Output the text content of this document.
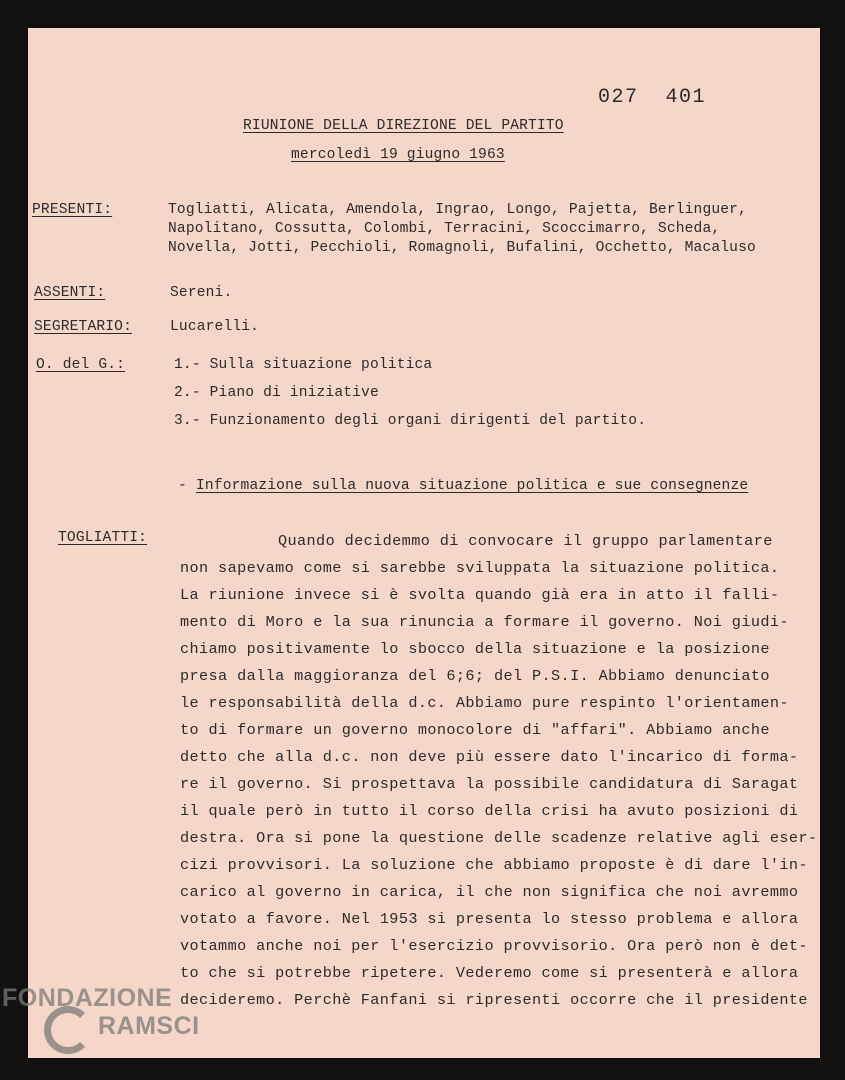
027  401
RIUNIONE DELLA DIREZIONE DEL PARTITO
mercoledì 19 giugno 1963
PRESENTI:	Togliatti, Alicata, Amendola, Ingrao, Longo, Pajetta, Berlinguer,
Napolitano, Cossutta, Colombi, Terracini, Scoccimarro, Scheda,
Novella, Jotti, Pecchioli, Romagnoli, Bufalini, Occhetto, Macaluso
ASSENTI:	Sereni.
SEGRETARIO:	Lucarelli.
O. del G.:	1.- Sulla situazione politica
2.- Piano di iniziative
3.- Funzionamento degli organi dirigenti del partito.
- Informazione sulla nuova situazione politica e sue consegnenze
TOGLIATTI:	Quando decidemmo di convocare il gruppo parlamentare
non sapevamo come si sarebbe sviluppata la situazione politica.
La riunione invece si è svolta quando già era in atto il falli-
mento di Moro e la sua rinuncia a formare il governo. Noi giudi-
chiamo positivamente lo sbocco della situazione e la posizione
presa dalla maggioranza del 6;6; del P.S.I. Abbiamo denunciato
le responsabilità della d.c. Abbiamo pure respinto l'orientamen-
to di formare un governo monocolore di "affari". Abbiamo anche
detto che alla d.c. non deve più essere dato l'incarico di forma-
re il governo. Si prospettava la possibile candidatura di Saragat
il quale però in tutto il corso della crisi ha avuto posizioni di
destra. Ora si pone la questione delle scadenze relative agli eser-
cizi provvisori. La soluzione che abbiamo proposte è di dare l'in-
carico al governo in carica, il che non significa che noi avremmo
votato a favore. Nel 1953 si presenta lo stesso problema e allora
votammo anche noi per l'esercizio provvisorio. Ora però non è det-
to che si potrebbe ripetere. Vederemo come si presenterà e allora
decideremo. Perchè Fanfani si ripresenti occorre che il presidente
FONDAZIONE
RAMSCI
